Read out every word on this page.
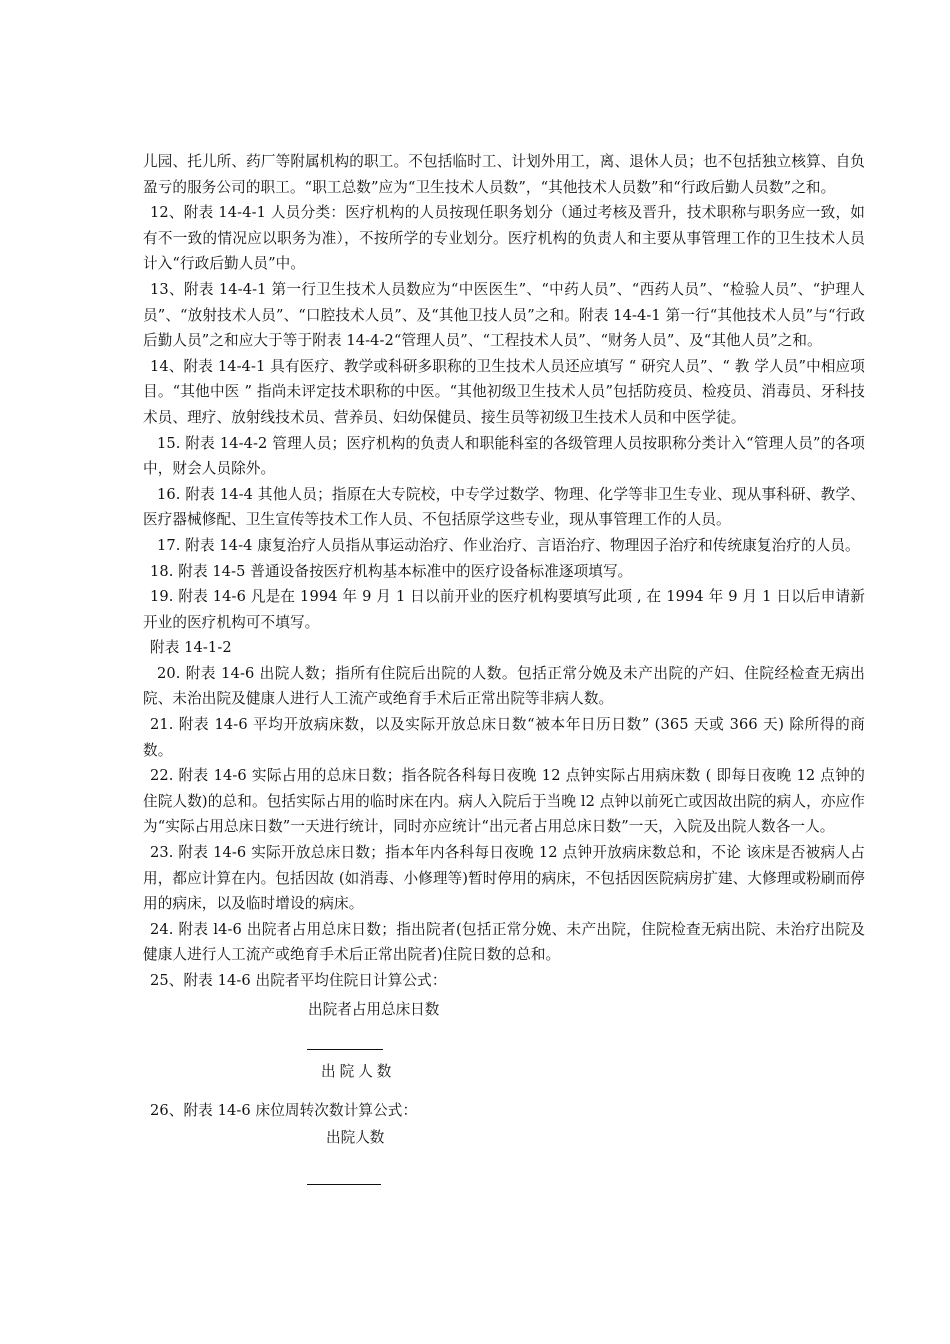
儿园、托儿所、药厂等附属机构的职工。不包括临时工、计划外用工，离、退休人员；也不包括独立核算、自负盈亏的服务公司的职工。“职工总数”应为“卫生技术人员数”，“其他技术人员数”和“行政后勤人员数”之和。

12、附表 14-4-1 人员分类：医疗机构的人员按现任职务划分（通过考核及晋升，技术职称与职务应一致，如有不一致的情况应以职务为准），不按所学的专业划分。医疗机构的负责人和主要从事管理工作的卫生技术人员计入“行政后勤人员”中。

13、附表 14-4-1 第一行卫生技术人员数应为“中医医生”、“中药人员”、“西药人员”、“检验人员”、“护理人员”、“放射技术人员”、“口腔技术人员”、及“其他卫技人员”之和。附表 14-4-1 第一行“其他技术人员”与“行政后勤人员”之和应大于等于附表 14-4-2“管理人员”、“工程技术人员”、“财务人员”、及“其他人员”之和。

14、附表 14-4-1 具有医疗、教学或科研多职称的卫生技术人员还应填写 “ 研究人员”、“ 教 学人员”中相应项目。“其他中医 ” 指尚未评定技术职称的中医。“其他初级卫生技术人员”包括防疫员、检疫员、消毒员、牙科技术员、理疗、放射线技术员、营养员、妇幼保健员、接生员等初级卫生技术人员和中医学徒。

15. 附表 14-4-2 管理人员；医疗机构的负责人和职能科室的各级管理人员按职称分类计入“管理人员”的各项中，财会人员除外。

16. 附表 14-4 其他人员；指原在大专院校，中专学过数学、物理、化学等非卫生专业、现从事科研、教学、医疗器械修配、卫生宣传等技术工作人员、不包括原学这些专业，现从事管理工作的人员。

17. 附表 14-4 康复治疗人员指从事运动治疗、作业治疗、言语治疗、物理因子治疗和传统康复治疗的人员。

18. 附表 14-5 普通设备按医疗机构基本标准中的医疗设备标准逐项填写。

19. 附表 14-6 凡是在 1994 年 9 月 1 日以前开业的医疗机构要填写此项 , 在 1994 年 9 月 1 日以后申请新开业的医疗机构可不填写。

附表 14-1-2

20. 附表 14-6 出院人数；指所有住院后出院的人数。包括正常分娩及未产出院的产妇、住院经检查无病出院、未治出院及健康人进行人工流产或绝育手术后正常出院等非病人数。

21. 附表 14-6 平均开放病床数，以及实际开放总床日数“被本年日历日数” (365 天或 366 天) 除所得的商数。

22. 附表 14-6 实际占用的总床日数；指各院各科每日夜晚 12 点钟实际占用病床数 ( 即每日夜晚 12 点钟的住院人数)的总和。包括实际占用的临时床在内。病人入院后于当晚 l2 点钟以前死亡或因故出院的病人，亦应作为“实际占用总床日数”一天进行统计，同时亦应统计“出元者占用总床日数”一天，入院及出院人数各一人。

23. 附表 14-6 实际开放总床日数；指本年内各科每日夜晚 12 点钟开放病床数总和，不论 该床是否被病人占用，都应计算在内。包括因故 (如消毒、小修理等)暂时停用的病床，不包括因医院病房扩建、大修理或粉刷而停用的病床，以及临时增设的病床。

24. 附表 l4-6 出院者占用总床日数；指出院者(包括正常分娩、未产出院，住院检查无病出院、未治疗出院及健康人进行人工流产或绝育手术后正常出院者)住院日数的总和。

25、附表 14-6 出院者平均住院日计算公式：

出院者占用总床日数
出院人数

26、附表 14-6 床位周转次数计算公式：

出院人数
